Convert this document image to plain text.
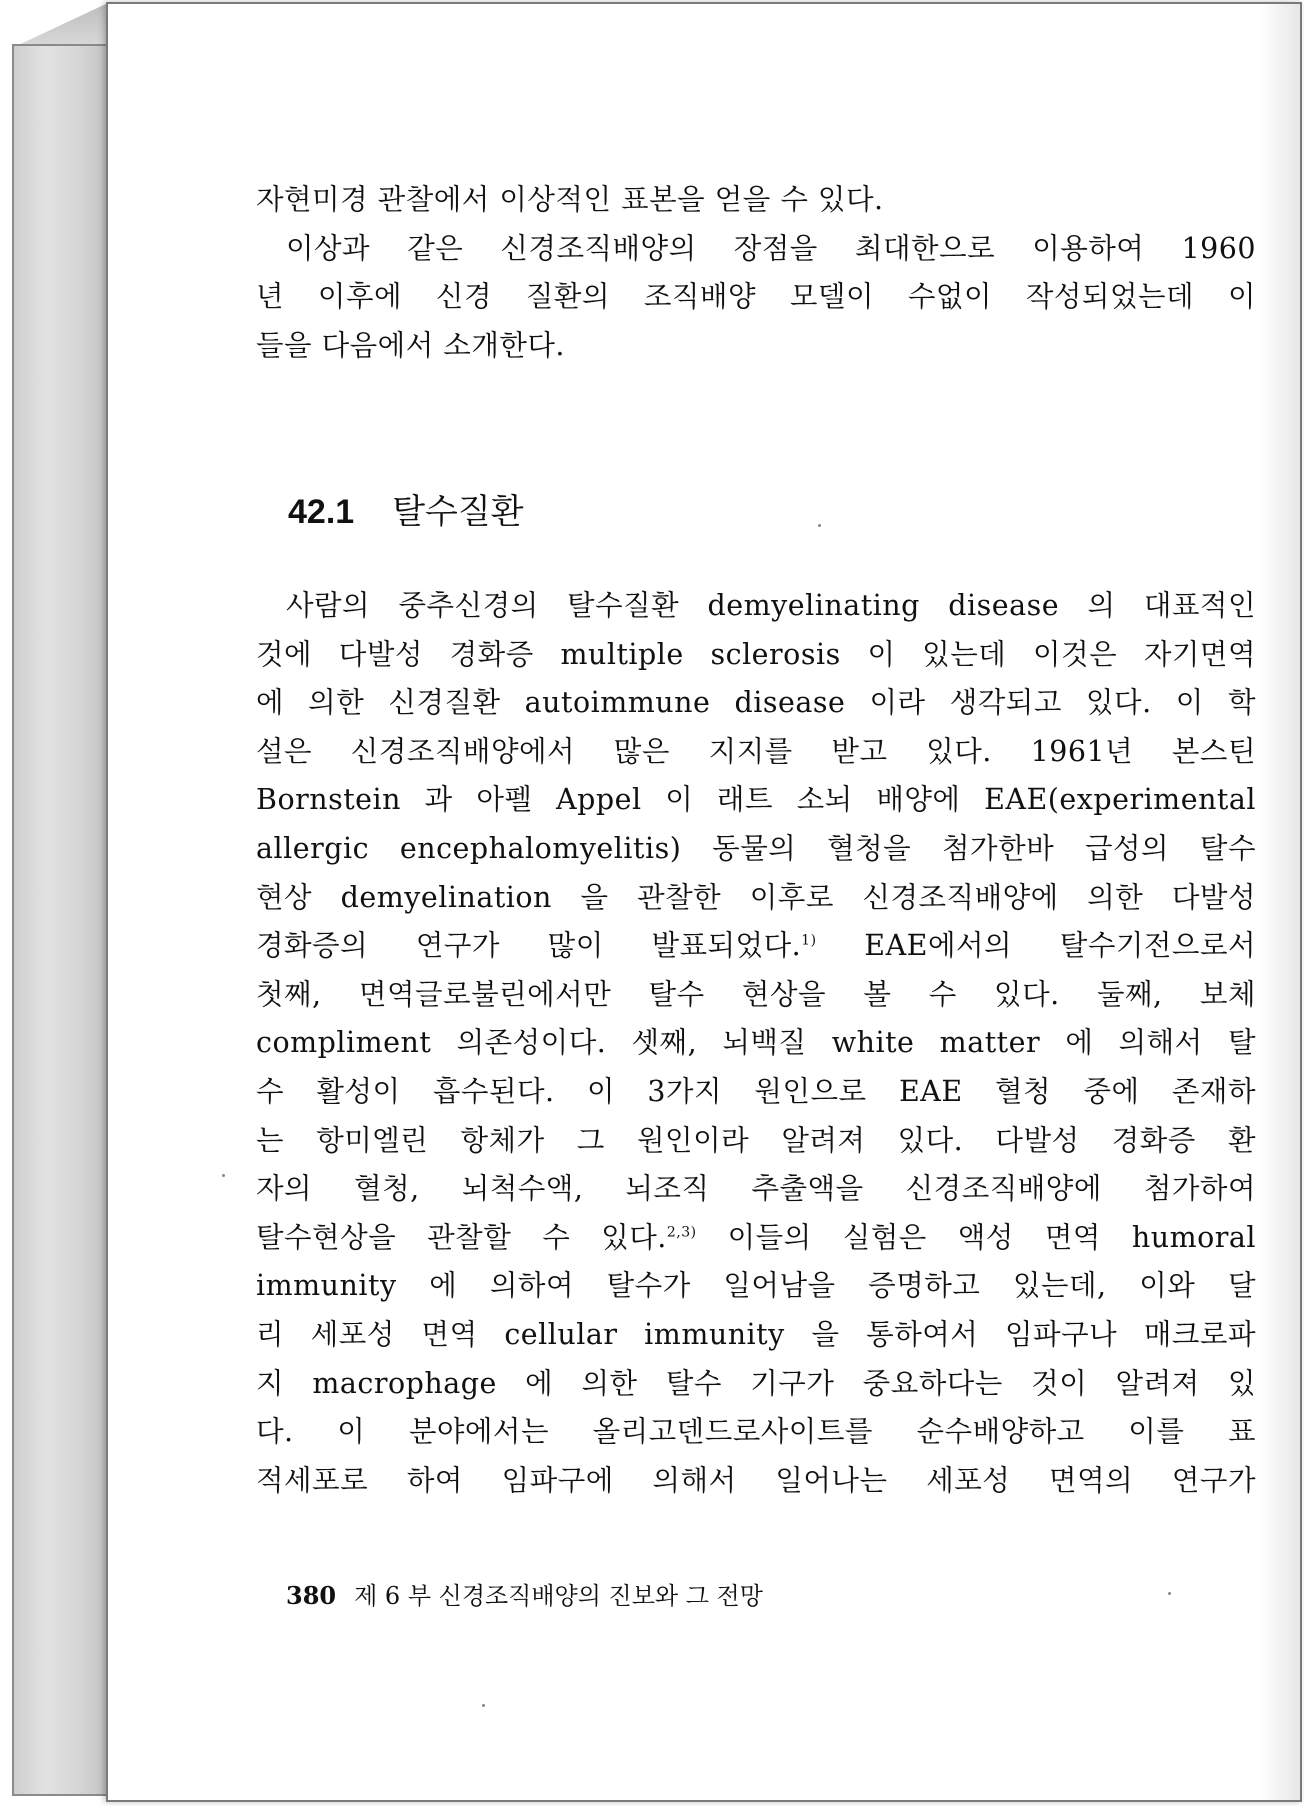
자현미경 관찰에서 이상적인 표본을 얻을 수 있다.
이상과 같은 신경조직배양의 장점을 최대한으로 이용하여 1960
년 이후에 신경 질환의 조직배양 모델이 수없이 작성되었는데 이
들을 다음에서 소개한다.
42.1 탈수질환
사람의 중추신경의 탈수질환 demyelinating disease 의 대표적인
것에 다발성 경화증 multiple sclerosis 이 있는데 이것은 자기면역
에 의한 신경질환 autoimmune disease 이라 생각되고 있다. 이 학
설은 신경조직배양에서 많은 지지를 받고 있다. 1961년 본스틴
Bornstein 과 아펠 Appel 이 래트 소뇌 배양에 EAE(experimental
allergic encephalomyelitis) 동물의 혈청을 첨가한바 급성의 탈수
현상 demyelination 을 관찰한 이후로 신경조직배양에 의한 다발성
경화증의 연구가 많이 발표되었다.$^{1)}$ EAE에서의 탈수기전으로서
첫째, 면역글로불린에서만 탈수 현상을 볼 수 있다. 둘째, 보체
compliment 의존성이다. 셋째, 뇌백질 white matter 에 의해서 탈
수 활성이 흡수된다. 이 3가지 원인으로 EAE 혈청 중에 존재하
는 항미엘린 항체가 그 원인이라 알려져 있다. 다발성 경화증 환
자의 혈청, 뇌척수액, 뇌조직 추출액을 신경조직배양에 첨가하여
탈수현상을 관찰할 수 있다.$^{2,3)}$ 이들의 실험은 액성 면역 humoral
immunity 에 의하여 탈수가 일어남을 증명하고 있는데, 이와 달
리 세포성 면역 cellular immunity 을 통하여서 임파구나 매크로파
지 macrophage 에 의한 탈수 기구가 중요하다는 것이 알려져 있
다. 이 분야에서는 올리고덴드로사이트를 순수배양하고 이를 표
적세포로 하여 임파구에 의해서 일어나는 세포성 면역의 연구가
380 제 6 부 신경조직배양의 진보와 그 전망
